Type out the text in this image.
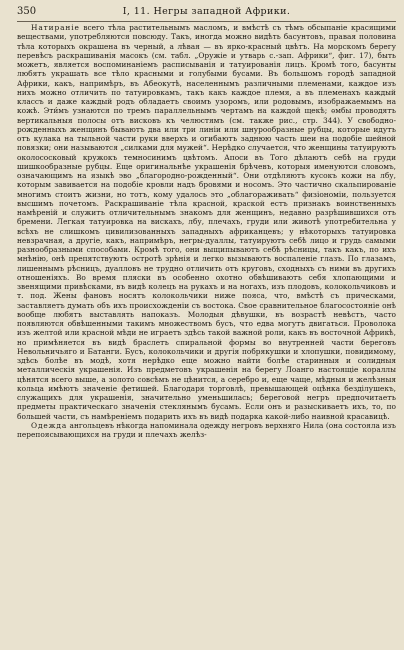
350	I, 11. Негры западной Африки.

Натираніе всего тѣла растительнымъ масломъ, и вмѣстѣ съ тѣмъ обсыпаніе красящими веществами, употребляются повсюду. Такъ, иногда можно видѣть басунтовъ, правая половина тѣла которыхъ окрашена въ черный, а лѣвая — въ ярко-красный цвѣтъ. На морскомъ берегу перевѣсъ раскрашиванія масокъ (см. табл. „Оружіе и утварь с.-зап. Африки“, фиг. 17), быть можетъ, является воспоминаніемъ расписыванія и татуированія лицъ. Кромѣ того, басунты любятъ украшать все тѣло красными и голубыми бусами. Въ большомъ городѣ западной Африки, какъ, напримѣръ, въ Абеокутѣ, населеннымъ различными племенами, каждое изъ нихъ можно отличить по татуировкамъ, такъ какъ каждое племя, а въ племенахъ каждый классъ и даже каждый родъ обладаетъ своимъ узоромъ, или родовымъ, изображаемымъ на кожѣ. Эти́мъ узнаются по тремъ параллельнымъ чертамъ на каждой щекѣ; ѳмбы проводятъ вертикальныя полосы отъ висковъ къ челюстямъ (см. также рис., стр. 344). У свободно-рожденныхъ женщинъ бываютъ два или три линіи или шнурообразные рубцы, которые идутъ отъ кулака на тыльной части руки вверхъ и огибаютъ заднюю часть шеи на подобіе шейной повязки; они называются „силками для мужей“. Нерѣдко случается, что женщины татуируютъ околососковый кружокъ темносинимъ цвѣтомъ. Апоси въ Того дѣлаютъ себѣ на груди шишкообразные рубцы. Еще оригинальнѣе украшенія брѣчевъ, которыя именуются словомъ, означающимъ на языкѣ эво „благородно-рожденный“. Они отдѣляютъ кусокъ кожи на лбу, которым завивается на подобіе кровли надъ бровями и носомъ. Это частично скальпированіе многимъ стоитъ жизни, но тотъ, кому удалось это „облагораживать“ физіономіи, пользуется высшимъ почетомъ. Раскрашиваніе тѣла красной, краской естъ признакъ воинственныхъ намѣреній и служитъ отличительнымъ знакомъ для женщинъ, недавно разрѣшившихся отъ бремени. Легкая татуировка на вискахъ, лбу, плечахъ, груди или животѣ употребительна у всѣхъ не слишкомъ цивилизованныхъ западныхъ африканцевъ; у нѣкоторыхъ татуировка невзрачная, а другіе, какъ, напримѣръ, негры-дуаллы, татуируютъ себѣ лицо и грудь самыми разнообразными способами. Кромѣ того, они выщипываютъ себѣ рѣсницы, такъ какъ, по ихъ мнѣнію, онѣ препятствуютъ остротѣ зрѣнія и легко вызываютъ воспаленіе глазъ. По глазамъ, лишеннымъ рѣсницъ, дуалловъ не трудно отличить отъ круговъ, сходныхъ съ ними въ другихъ отношеніяхъ. Во время пляски въ особенно охотно обвѣшиваютъ себя хлопающими и звенящими привѣсками, въ видѣ колецъ на рукахъ и на ногахъ, изъ плодовъ, колокольчиковъ и т. под. Жены фановъ носятъ колокольчики ниже пояса, что, вмѣстѣ съ прическами, заставляетъ думать объ ихъ происхожденіи съ востока. Свое сравнительное благосостояніе онѣ вообще любятъ выставлять напоказъ. Молодыя дѣвушки, въ возрастѣ невѣстъ, часто появляются обвѣшенными такимъ множествомъ бусъ, что едва могутъ двигаться. Проволока изъ желтой или красной мѣди не играетъ здѣсь такой важной роли, какъ въ восточной Африкѣ, но примѣняется въ видѣ браслетъ спиральной формы во внутренней части береговъ Невольничьяго и Батанги. Бусъ, колокольчики и другія побрякушки и хлопушки, повидимому, здѣсь болѣе въ модѣ, хотя нерѣдко еще можно найти болѣе старинныя и солидныя металлическія украшенія. Изъ предметовъ украшенія на берегу Лоанго настоящіе кораллы цѣнятся всего выше, а золото совсѣмъ не цѣнится, а серебро и, еще чаще, мѣдныя и желѣзныя кольца имѣютъ значеніе фетишей. Благодаря торговлѣ, превышающей оцѣнка безділушекъ, служащихъ для украшенія, значительно уменьшилась; береговой негръ предпочитаетъ предметы практическаго значенія стеклянымъ бусамъ. Если онъ и разыскиваетъ ихъ, то, по большей части, съ намѣреніемъ подарить ихъ въ видѣ подарка какой-либо наивной красавицѣ.

Одежда ангольцевъ нѣкогда напоминала одежду негровъ верхняго Нила (она состояла изъ перепоясывающихся на груди и плечахъ желѣз-
